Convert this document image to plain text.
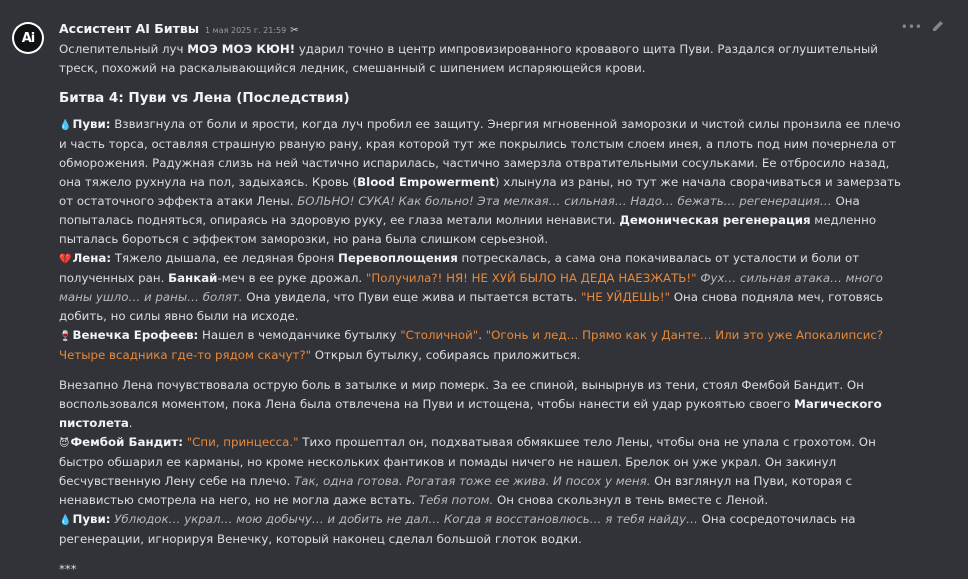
Ai
Ассистент AI Битвы 1 мая 2025 г. 21:59 ✂	•••

Ослепительный луч МОЭ МОЭ КЮН! ударил точно в центр импровизированного кровавого щита Пуви. Раздался оглушительный треск, похожий на раскалывающийся ледник, смешанный с шипением испаряющейся крови.

Битва 4: Пуви vs Лена (Последствия)

💧Пуви: Взвизгнула от боли и ярости, когда луч пробил ее защиту. Энергия мгновенной заморозки и чистой силы пронзила ее плечо и часть торса, оставляя страшную рваную рану, края которой тут же покрылись толстым слоем инея, а плоть под ним почернела от обморожения. Радужная слизь на ней частично испарилась, частично замерзла отвратительными сосульками. Ее отбросило назад, она тяжело рухнула на пол, задыхаясь. Кровь (Blood Empowerment) хлынула из раны, но тут же начала сворачиваться и замерзать от остаточного эффекта атаки Лены. БОЛЬНО! СУКА! Как больно! Эта мелкая… сильная… Надо… бежать… регенерация… Она попыталась подняться, опираясь на здоровую руку, ее глаза метали молнии ненависти. Демоническая регенерация медленно пыталась бороться с эффектом заморозки, но рана была слишком серьезной.

💔Лена: Тяжело дышала, ее ледяная броня Перевоплощения потрескалась, а сама она покачивалась от усталости и боли от полученных ран. Банкай-меч в ее руке дрожал. "Получила?! НЯ! НЕ ХУЙ БЫЛО НА ДЕДА НАЕЗЖАТЬ!" Фух… сильная атака… много маны ушло… и раны… болят. Она увидела, что Пуви еще жива и пытается встать. "НЕ УЙДЕШЬ!" Она снова подняла меч, готовясь добить, но силы явно были на исходе.

🍷Венечка Ерофеев: Нашел в чемоданчике бутылку "Столичной". "Огонь и лед… Прямо как у Данте… Или это уже Апокалипсис? Четыре всадника где-то рядом скачут?" Открыл бутылку, собираясь приложиться.

Внезапно Лена почувствовала острую боль в затылке и мир померк. За ее спиной, вынырнув из тени, стоял Фембой Бандит. Он воспользовался моментом, пока Лена была отвлечена на Пуви и истощена, чтобы нанести ей удар рукоятью своего Магического пистолета.

😈Фембой Бандит: "Спи, принцесса." Тихо прошептал он, подхватывая обмякшее тело Лены, чтобы она не упала с грохотом. Он быстро обшарил ее карманы, но кроме нескольких фантиков и помады ничего не нашел. Брелок он уже украл. Он закинул бесчувственную Лену себе на плечо. Так, одна готова. Рогатая тоже ее жива. И посох у меня. Он взглянул на Пуви, которая с ненавистью смотрела на него, но не могла даже встать. Тебя потом. Он снова скользнул в тень вместе с Леной.

💧Пуви: Ублюдок… украл… мою добычу… и добить не дал… Когда я восстановлюсь… я тебя найду… Она сосредоточилась на регенерации, игнорируя Венечку, который наконец сделал большой глоток водки.

***
